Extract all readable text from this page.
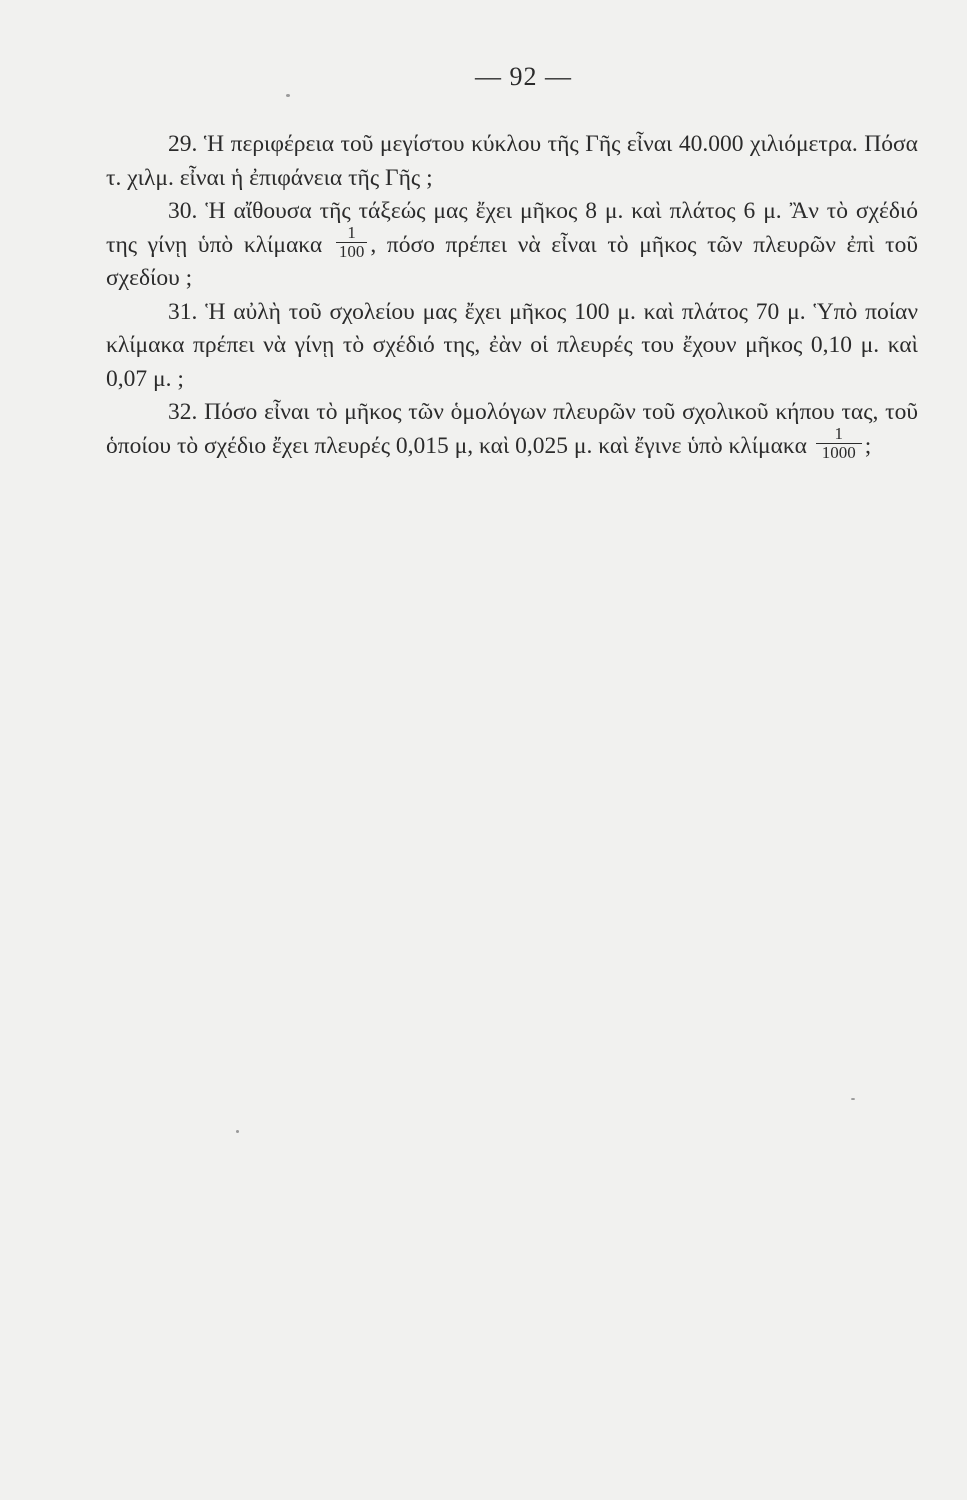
— 92 —

29. Ἡ περιφέρεια τοῦ μεγίστου κύκλου τῆς Γῆς εἶναι 40.000 χιλιόμετρα. Πόσα τ. χιλμ. εἶναι ἡ ἐπιφάνεια τῆς Γῆς ;

30. Ἡ αἴθουσα τῆς τάξεώς μας ἔχει μῆκος 8 μ. καὶ πλάτος 6 μ. Ἂν τὸ σχέδιό της γίνῃ ὑπὸ κλίμακα $\frac{1}{100}$ , πόσο πρέπει νὰ εἶναι τὸ μῆκος τῶν πλευρῶν ἐπὶ τοῦ σχεδίου ;

31. Ἡ αὐλὴ τοῦ σχολείου μας ἔχει μῆκος 100 μ. καὶ πλάτος 70 μ. Ὑπὸ ποίαν κλίμακα πρέπει νὰ γίνῃ τὸ σχέδιό της, ἐὰν οἱ πλευρές του ἔχουν μῆκος 0,10 μ. καὶ 0,07 μ. ;

32. Πόσο εἶναι τὸ μῆκος τῶν ὁμολόγων πλευρῶν τοῦ σχολικοῦ κήπου τας, τοῦ ὁποίου τὸ σχέδιο ἔχει πλευρές 0,015 μ, καὶ 0,025 μ. καὶ ἔγινε ὑπὸ κλίμακα $\frac{1}{1000}$ ;
